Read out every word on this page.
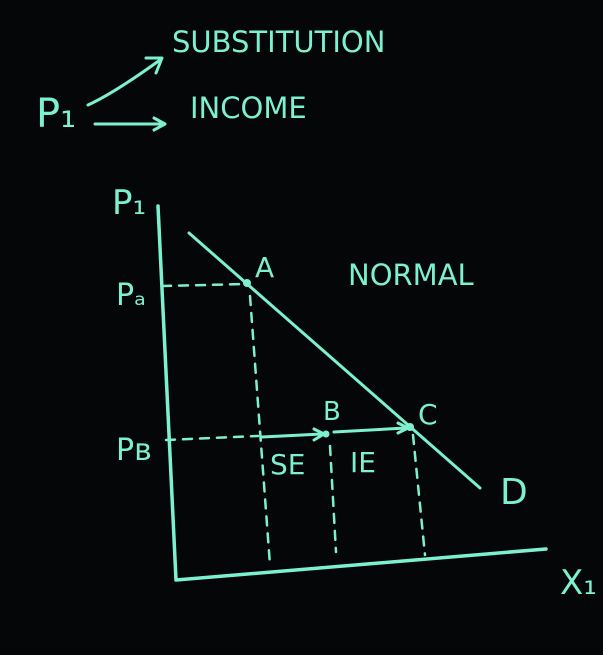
P₁
SUBSTITUTION
INCOME
P₁
X₁
Pₐ
Pʙ
D
A
B	C
NORMAL
SE IE
